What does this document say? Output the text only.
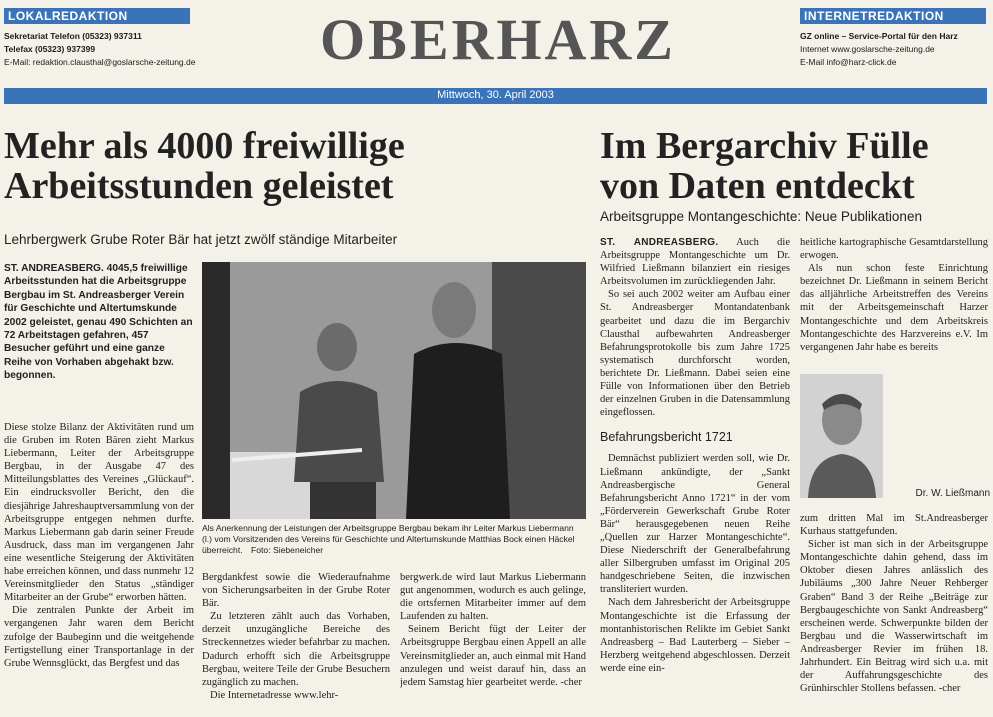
LOKALREDAKTION
Sekretariat Telefon (05323) 937311
Telefax (05323) 937399
E-Mail: redaktion.clausthal@goslarsche-zeitung.de OBERHARZ	INTERNETREDAKTION
GZ online – Service-Portal für den Harz
Internet www.goslarsche-zeitung.de
E-Mail info@harz-click.de
Mittwoch, 30. April 2003
Mehr als 4000 freiwillige
Arbeitsstunden geleistet
Lehrbergwerk Grube Roter Bär hat jetzt zwölf ständige Mitarbeiter
ST. ANDREASBERG. 4045,5 freiwillige Arbeitsstunden hat die Arbeitsgruppe Bergbau im St. Andreasberger Verein für Geschichte und Altertumskunde 2002 geleistet, genau 490 Schichten an 72 Arbeitstagen gefahren, 457 Besucher geführt und eine ganze Reihe von Vorhaben abgehakt bzw. begonnen.

Diese stolze Bilanz der Aktivitäten rund um die Gruben im Roten Bären zieht Markus Liebermann, Leiter der Arbeitsgruppe Bergbau, in der Ausgabe 47 des Mitteilungsblattes des Vereines „Glückauf“. Ein eindrucksvoller Bericht, den die diesjährige Jahreshauptversammlung von der Arbeitsgruppe entgegen nehmen durfte. Markus Liebermann gab darin seiner Freude Ausdruck, dass man im vergangenen Jahr eine wesentliche Steigerung der Aktivitäten habe erreichen können, und dass nunmehr 12 Vereinsmitglieder den Status „ständiger Mitarbeiter an der Grube“ erworben hätten.

Die zentralen Punkte der Arbeit im vergangenen Jahr waren dem Bericht zufolge der Baubeginn und die weitgehende Fertigstellung einer Transportanlage in der Grube Wennsglückt, das Bergfest und das

Als Anerkennung der Leistungen der Arbeitsgruppe Bergbau bekam ihr Leiter Markus Liebermann (l.) vom Vorsitzenden des Vereins für Geschichte und Altertumskunde Matthias Bock einen Häckel überreicht. Foto: Siebeneicher

Bergdankfest sowie die Wiederaufnahme von Sicherungsarbeiten in der Grube Roter Bär.

Zu letzteren zählt auch das Vorhaben, derzeit unzugängliche Bereiche des Streckennetzes wieder befahrbar zu machen. Dadurch erhofft sich die Arbeitsgruppe Bergbau, weitere Teile der Grube Besuchern zugänglich zu machen.

Die Internetadresse www.lehr-

bergwerk.de wird laut Markus Liebermann gut angenommen, wodurch es auch gelinge, die ortsfernen Mitarbeiter immer auf dem Laufenden zu halten.

Seinem Bericht fügt der Leiter der Arbeitsgruppe Bergbau einen Appell an alle Vereinsmitglieder an, auch einmal mit Hand anzulegen und weist darauf hin, dass an jedem Samstag hier gearbeitet werde. -cher

Im Bergarchiv Fülle
von Daten entdeckt
Arbeitsgruppe Montangeschichte: Neue Publikationen

ST. ANDREASBERG. Auch die Arbeitsgruppe Montangeschichte um Dr. Wilfried Ließmann bilanziert ein riesiges Arbeitsvolumen im zurückliegenden Jahr.

So sei auch 2002 weiter am Aufbau einer St. Andreasberger Montandatenbank gearbeitet und dazu die im Bergarchiv Clausthal aufbewahrten Andreasberger Befahrungsprotokolle bis zum Jahre 1725 systematisch durchforscht worden, berichtete Dr. Ließmann. Dabei seien eine Fülle von Informationen über den Betrieb der einzelnen Gruben in die Datensammlung eingeflossen.

Befahrungsbericht 1721

Demnächst publiziert werden soll, wie Dr. Ließmann ankündigte, der „Sankt Andreasbergische General Befahrungsbericht Anno 1721“ in der vom „Förderverein Gewerkschaft Grube Roter Bär“ herausgegebenen neuen Reihe „Quellen zur Harzer Montangeschichte“. Diese Niederschrift der Generalbefahrung aller Silbergruben umfasst im Original 205 handgeschriebene Seiten, die inzwischen transliteriert wurden.

Nach dem Jahresbericht der Arbeitsgruppe Montangeschichte ist die Erfassung der montanhistorischen Relikte im Gebiet Sankt Andreasberg – Bad Lauterberg – Sieber – Herzberg weitgehend abgeschlossen. Derzeit werde eine ein-

heitliche kartographische Gesamtdarstellung erwogen.

Als nun schon feste Einrichtung bezeichnet Dr. Ließmann in seinem Bericht das alljährliche Arbeitstreffen des Vereins mit der Arbeitsgemeinschaft Harzer Montangeschichte und dem Arbeitskreis Montangeschichte des Harzvereins e.V. Im vergangenen Jahr habe es bereits

Dr. W. Ließmann

zum dritten Mal im St.Andreasberger Kurhaus stattgefunden.

Sicher ist man sich in der Arbeitsgruppe Montangeschichte dahin gehend, dass im Oktober diesen Jahres anlässlich des Jubiläums „300 Jahre Neuer Rehberger Graben“ Band 3 der Reihe „Beiträge zur Bergbaugeschichte von Sankt Andreasberg“ erscheinen werde. Schwerpunkte bilden der Bergbau und die Wasserwirtschaft im Andreasberger Revier im frühen 18. Jahrhundert. Ein Beitrag wird sich u.a. mit der Auffahrungsgeschichte des Grünhirschler Stollens befassen. -cher
